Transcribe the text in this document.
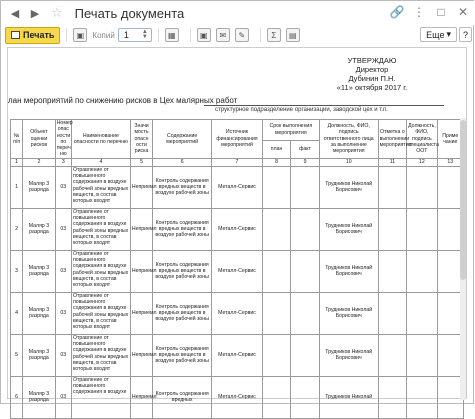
◀	▶ ☆ Печать документа	🔗 ⋮	□	✕
Печать	▣	Копий 1 ▲
▼	▦	▣	✉	✎	Σ	▤	Еще ▾	?
УТВЕРЖДАЮ
Директор
Дубинин П.Н.
«11» октября 2017 г.
лан мероприятий по снижению рисков в Цех малярных работ
структурное подразделение организации, заводской цех и т.п.
№ п/п	Объект оценки рисков	Номер опас ности по переч ню	Наименование опасности по перечню	Значи мость опасн ости риска	Содержание мероприятий	Источник финансирования мероприятий	Срок выполнения мероприятия		Должность, ФИО, подпись ответственного лица за выполнение мероприятия	Отметка о выполнении мероприятия	Должность, ФИО, подпись специалиста ООТ	Приме чание
							план	факт				
1	2	3	4	5	6	7	8	9	10	11	12	13
1	Маляр 3 разряда	03	Отравление от повышенного содержания в воздухе рабочей зоны вредных веществ, в состав которых входят	Неприемл	Контроль содержания вредных веществ в воздухе рабочей зоны	Металл-Сервис			Трудников Николай Борисович			
2	Маляр 3 разряда	03	Отравление от повышенного содержания в воздухе рабочей зоны вредных веществ, в состав которых входят	Неприемл	Контроль содержания вредных веществ в воздухе рабочей зоны	Металл-Сервис			Трудников Николай Борисович			
3	Маляр 3 разряда	03	Отравление от повышенного содержания в воздухе рабочей зоны вредных веществ, в состав которых входят	Неприемл	Контроль содержания вредных веществ в воздухе рабочей зоны	Металл-Сервис			Трудников Николай Борисович			
4	Маляр 3 разряда	03	Отравление от повышенного содержания в воздухе рабочей зоны вредных веществ, в состав которых входят	Неприемл	Контроль содержания вредных веществ в воздухе рабочей зоны	Металл-Сервис			Трудников Николай Борисович			
5	Маляр 3 разряда	03	Отравление от повышенного содержания в воздухе рабочей зоны вредных веществ, в состав которых входят	Неприемл	Контроль содержания вредных веществ в воздухе рабочей зоны	Металл-Сервис			Трудников Николай Борисович			
6	Маляр 3 разряда	03	Отравление от повышенного содержания в воздухе	Неприемл	Контроль содержания вредных	Металл-Сервис			Трудников Николай			
